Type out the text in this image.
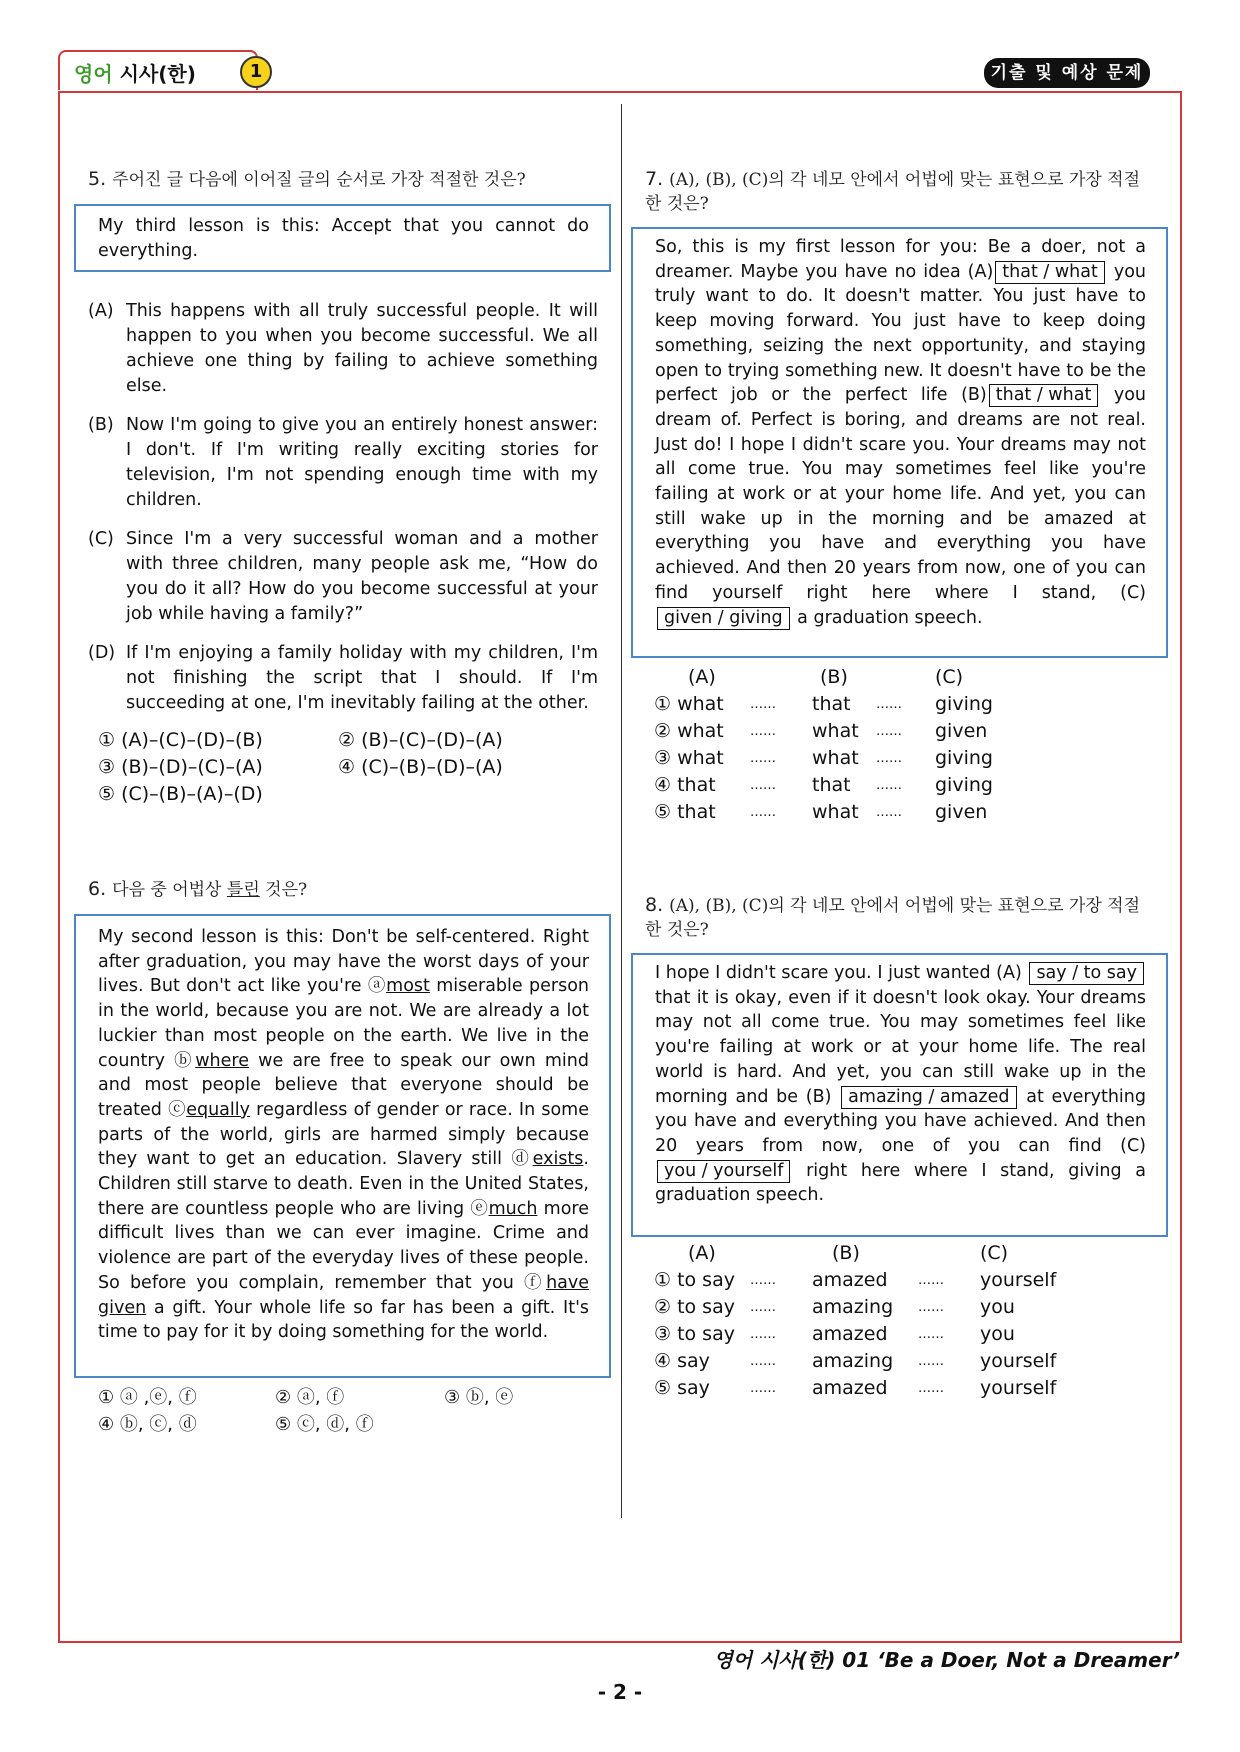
영어 시사(한)	1	기출 및 예상 문제
5. 주어진 글 다음에 이어질 글의 순서로 가장 적절한 것은?
My third lesson is this: Accept that you cannot do everything.
(A) This happens with all truly successful people. It will happen to you when you become successful. We all achieve one thing by failing to achieve something else.
(B) Now I'm going to give you an entirely honest answer: I don't. If I'm writing really exciting stories for television, I'm not spending enough time with my children.
(C) Since I'm a very successful woman and a mother with three children, many people ask me, “How do you do it all? How do you become successful at your job while having a family?”
(D) If I'm enjoying a family holiday with my children, I'm not finishing the script that I should. If I'm succeeding at one, I'm inevitably failing at the other.
① (A)–(C)–(D)–(B)	② (B)–(C)–(D)–(A)
③ (B)–(D)–(C)–(A)	④ (C)–(B)–(D)–(A)
⑤ (C)–(B)–(A)–(D)
6. 다음 중 어법상 틀린 것은?
My second lesson is this: Don't be self-centered. Right after graduation, you may have the worst days of your lives. But don't act like you're ⓐmost miserable person in the world, because you are not. We are already a lot luckier than most people on the earth. We live in the country ⓑwhere we are free to speak our own mind and most people believe that everyone should be treated ⓒequally regardless of gender or race. In some parts of the world, girls are harmed simply because they want to get an education. Slavery still ⓓexists. Children still starve to death. Even in the United States, there are countless people who are living ⓔmuch more difficult lives than we can ever imagine. Crime and violence are part of the everyday lives of these people. So before you complain, remember that you ⓕhave given a gift. Your whole life so far has been a gift. It's time to pay for it by doing something for the world.
① ⓐ ,ⓔ, ⓕ	② ⓐ, ⓕ	③ ⓑ, ⓔ
④ ⓑ, ⓒ, ⓓ	⑤ ⓒ, ⓓ, ⓕ
7. (A), (B), (C)의 각 네모 안에서 어법에 맞는 표현으로 가장 적절한 것은?
So, this is my first lesson for you: Be a doer, not a dreamer. Maybe you have no idea (A) that / what you truly want to do. It doesn't matter. You just have to keep moving forward. You just have to keep doing something, seizing the next opportunity, and staying open to trying something new. It doesn't have to be the perfect job or the perfect life (B) that / what you dream of. Perfect is boring, and dreams are not real. Just do! I hope I didn't scare you. Your dreams may not all come true. You may sometimes feel like you're failing at work or at your home life. And yet, you can still wake up in the morning and be amazed at everything you have and everything you have achieved. And then 20 years from now, one of you can find yourself right here where I stand, (C) given / giving a graduation speech.
(A)	(B)	(C)
① what …… that …… giving
② what …… what …… given
③ what …… what …… giving
④ that	…… that …… giving
⑤ that	…… what …… given
8. (A), (B), (C)의 각 네모 안에서 어법에 맞는 표현으로 가장 적절한 것은?
I hope I didn't scare you. I just wanted (A) say / to say that it is okay, even if it doesn't look okay. Your dreams may not all come true. You may sometimes feel like you're failing at work or at your home life. The real world is hard. And yet, you can still wake up in the morning and be (B) amazing / amazed at everything you have and everything you have achieved. And then 20 years from now, one of you can find (C)you / yourself right here where I stand, giving a graduation speech.
(A)	(B)	(C)
① to say …… amazed …… yourself
② to say …… amazing …… you
③ to say …… amazed …… you
④ say	…… amazing …… yourself
⑤ say	…… amazed …… yourself
영어 시사(한) 01 ‘Be a Doer, Not a Dreamer’
- 2 -
